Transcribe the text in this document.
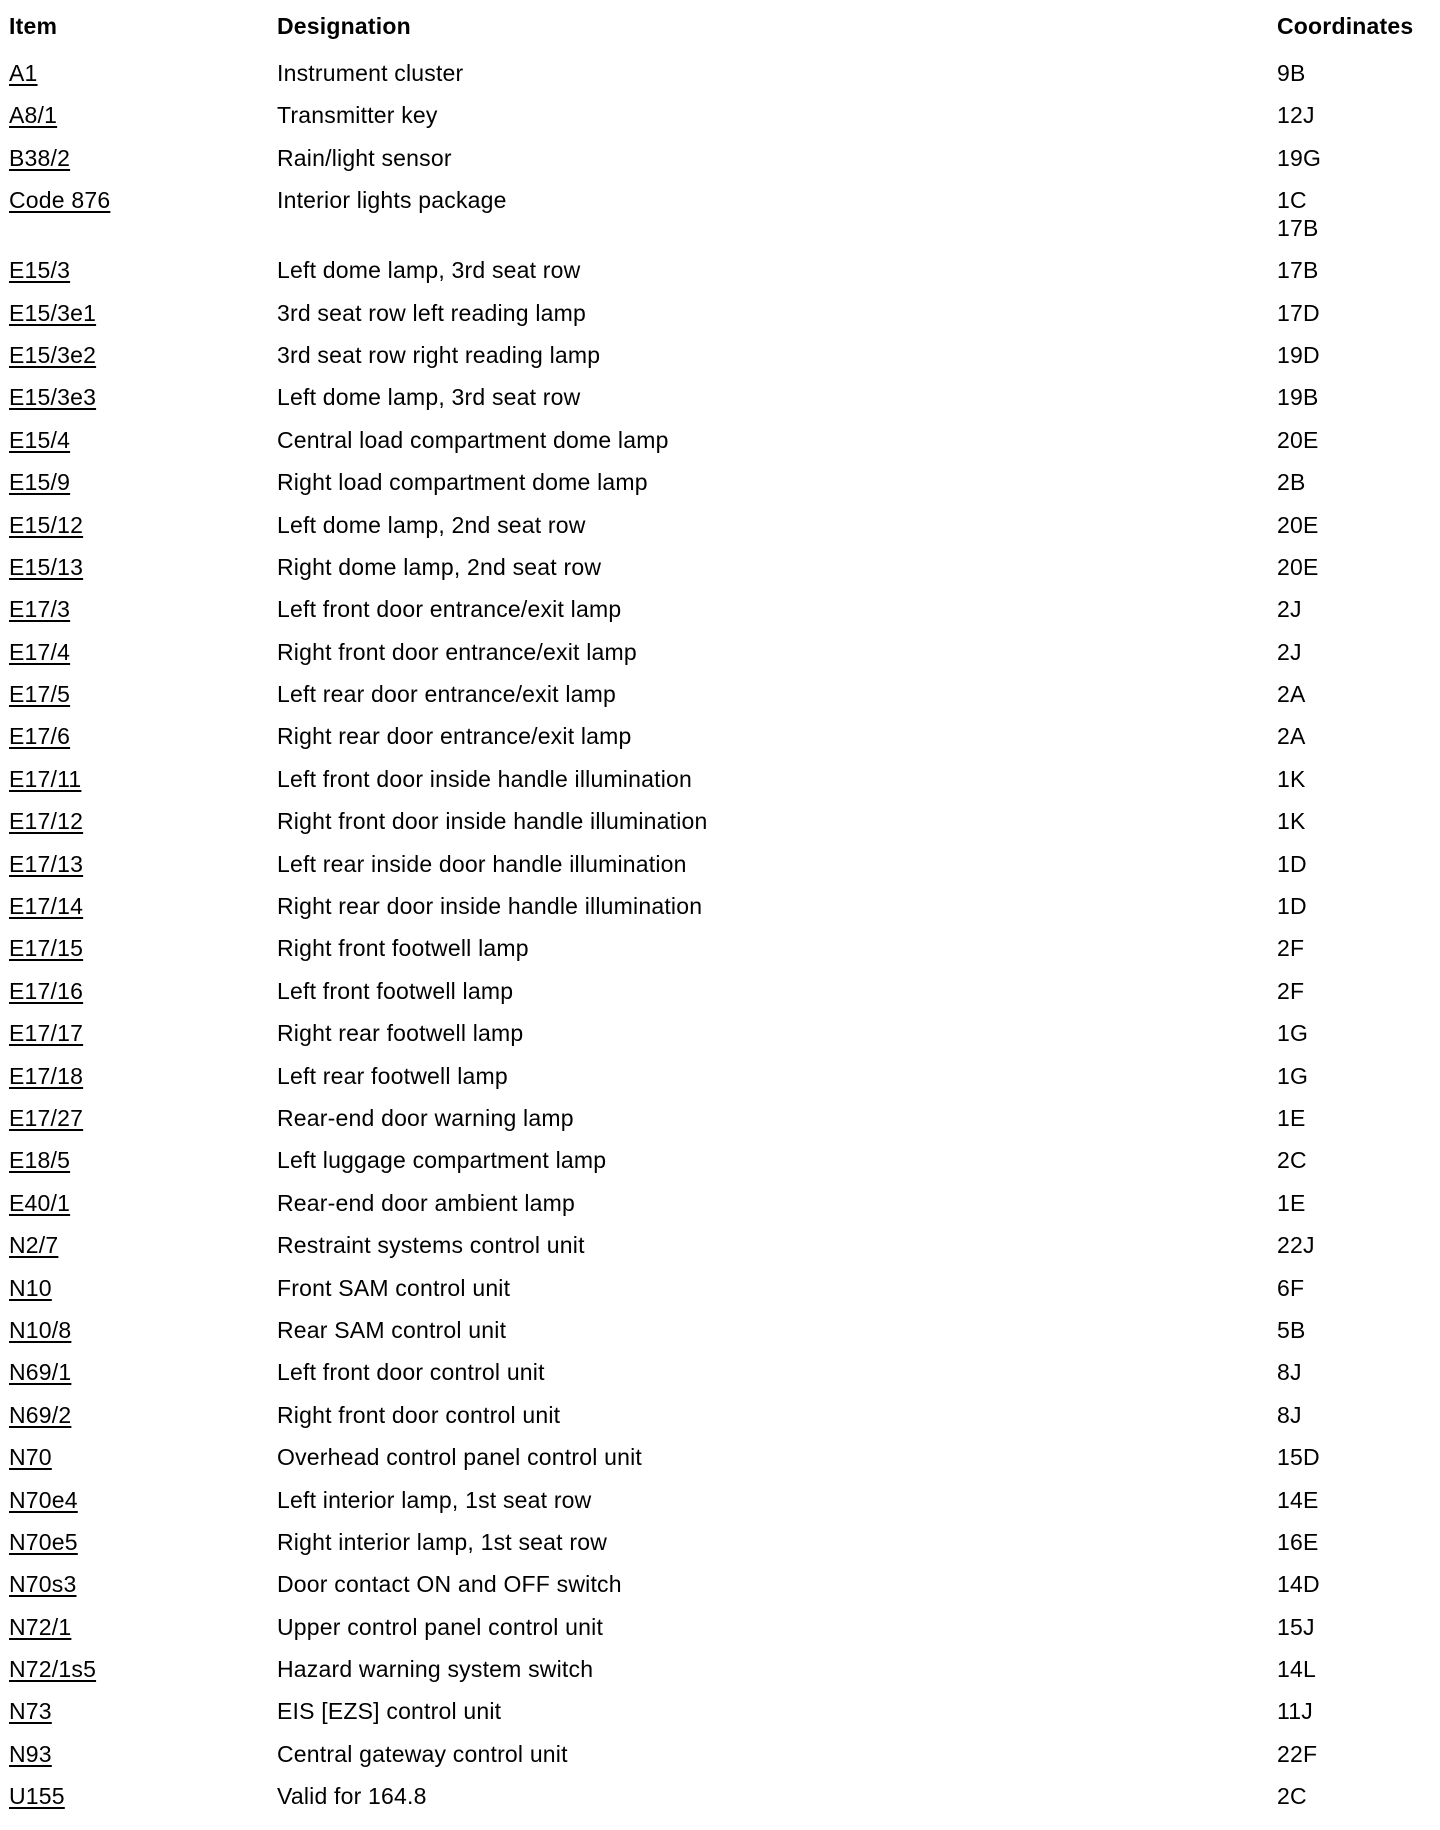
Item	Designation	Coordinates
A1	Instrument cluster	9B
A8/1	Transmitter key	12J
B38/2	Rain/light sensor	19G
Code 876	Interior lights package	1C
17B
E15/3	Left dome lamp, 3rd seat row	17B
E15/3e1	3rd seat row left reading lamp	17D
E15/3e2	3rd seat row right reading lamp	19D
E15/3e3	Left dome lamp, 3rd seat row	19B
E15/4	Central load compartment dome lamp	20E
E15/9	Right load compartment dome lamp	2B
E15/12	Left dome lamp, 2nd seat row	20E
E15/13	Right dome lamp, 2nd seat row	20E
E17/3	Left front door entrance/exit lamp	2J
E17/4	Right front door entrance/exit lamp	2J
E17/5	Left rear door entrance/exit lamp	2A
E17/6	Right rear door entrance/exit lamp	2A
E17/11	Left front door inside handle illumination	1K
E17/12	Right front door inside handle illumination	1K
E17/13	Left rear inside door handle illumination	1D
E17/14	Right rear door inside handle illumination	1D
E17/15	Right front footwell lamp	2F
E17/16	Left front footwell lamp	2F
E17/17	Right rear footwell lamp	1G
E17/18	Left rear footwell lamp	1G
E17/27	Rear-end door warning lamp	1E
E18/5	Left luggage compartment lamp	2C
E40/1	Rear-end door ambient lamp	1E
N2/7	Restraint systems control unit	22J
N10	Front SAM control unit	6F
N10/8	Rear SAM control unit	5B
N69/1	Left front door control unit	8J
N69/2	Right front door control unit	8J
N70	Overhead control panel control unit	15D
N70e4	Left interior lamp, 1st seat row	14E
N70e5	Right interior lamp, 1st seat row	16E
N70s3	Door contact ON and OFF switch	14D
N72/1	Upper control panel control unit	15J
N72/1s5	Hazard warning system switch	14L
N73	EIS [EZS] control unit	11J
N93	Central gateway control unit	22F
U155	Valid for 164.8	2C
